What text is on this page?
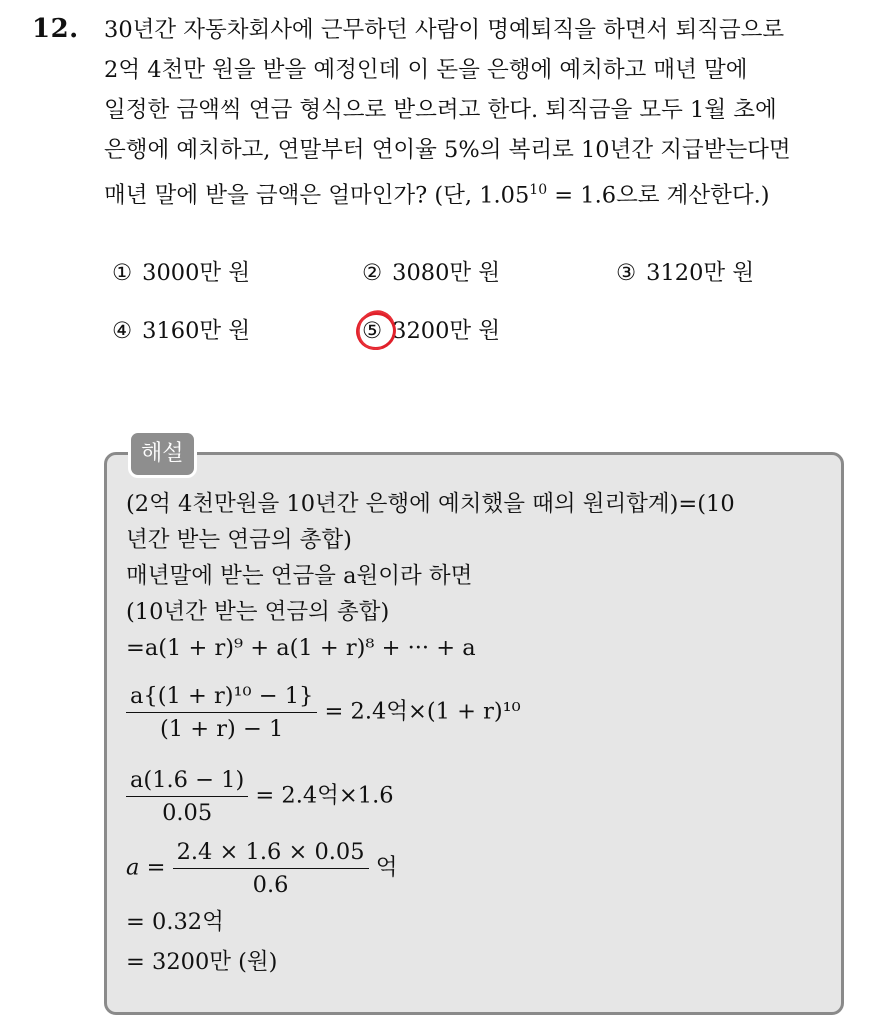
12. 30년간 자동차회사에 근무하던 사람이 명예퇴직을 하면서 퇴직금으로
2억 4천만 원을 받을 예정인데 이 돈을 은행에 예치하고 매년 말에
일정한 금액씩 연금 형식으로 받으려고 한다. 퇴직금을 모두 1월 초에
은행에 예치하고, 연말부터 연이율 5%의 복리로 10년간 지급받는다면
매년 말에 받을 금액은 얼마인가? (단, $1.05^{10} = 1.6$으로 계산한다.)
① 3000만 원	② 3080만 원	③ 3120만 원
④ 3160만 원	⑤ 3200만 원
해설
(2억 4천만원을 10년간 은행에 예치했을 때의 원리합계)=(10
년간 받는 연금의 총합)
매년말에 받는 연금을 a원이라 하면
(10년간 받는 연금의 총합)
=a(1 + r)⁹ + a(1 + r)⁸ + ··· + a
$\frac{\text{a\{(1 + r)¹⁰ − 1\}}}{(1 + r) - 1} = 2.4$억×(1 + r)¹⁰
$\frac{a(1.6 - 1)}{0.05} = 2.4$억×1.6
$a = \frac{2.4 \times 1.6 \times 0.05}{0.6}$ 억
= 0.32억
= 3200만 (원)
